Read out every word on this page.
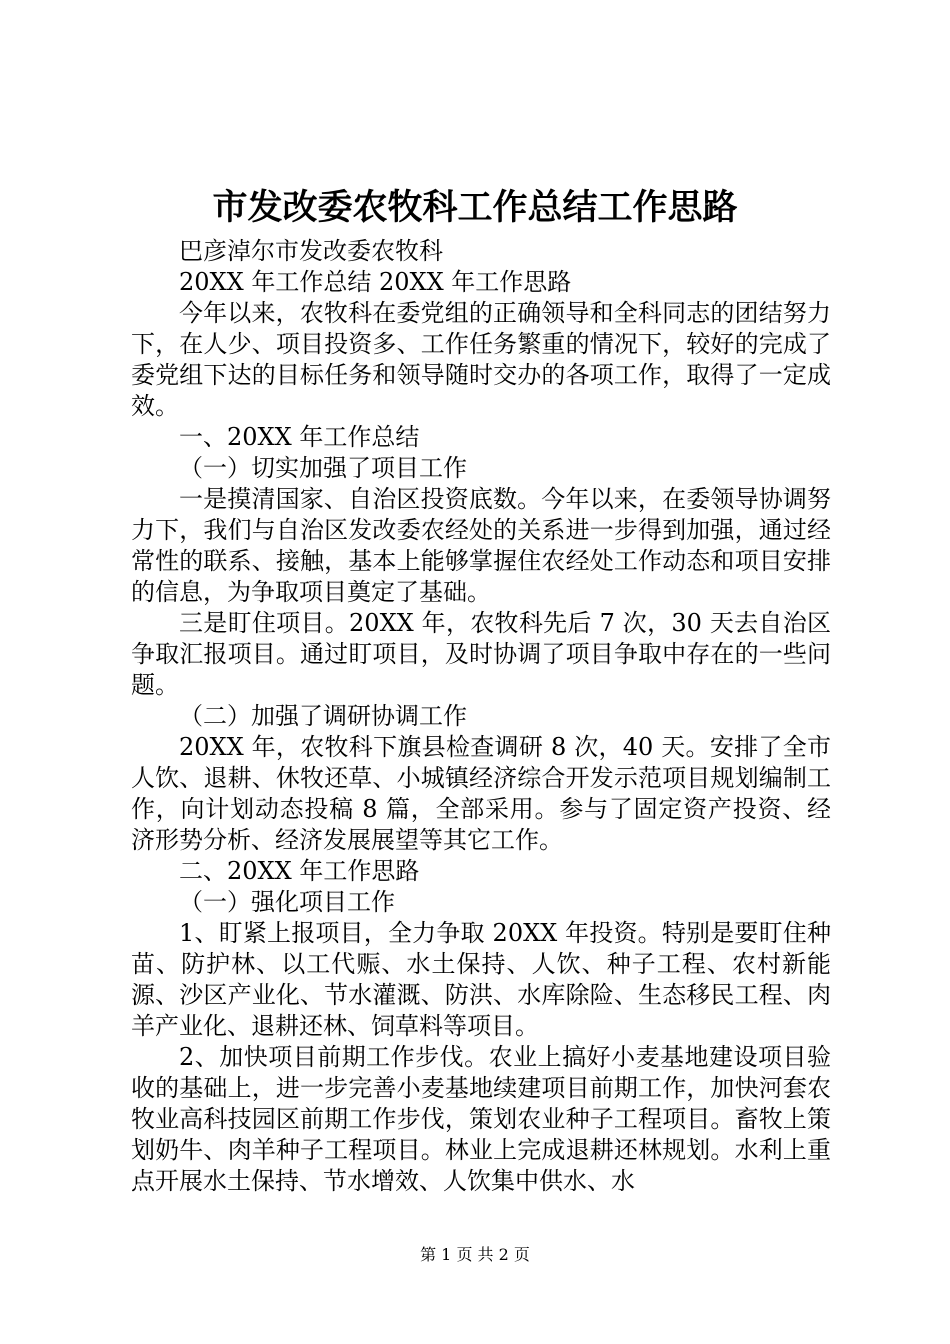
市发改委农牧科工作总结工作思路

巴彦淖尔市发改委农牧科

20XX 年工作总结 20XX 年工作思路

今年以来，农牧科在委党组的正确领导和全科同志的团结努力下，在人少、项目投资多、工作任务繁重的情况下，较好的完成了委党组下达的目标任务和领导随时交办的各项工作，取得了一定成效。

一、20XX 年工作总结

（一）切实加强了项目工作

一是摸清国家、自治区投资底数。今年以来，在委领导协调努力下，我们与自治区发改委农经处的关系进一步得到加强，通过经常性的联系、接触，基本上能够掌握住农经处工作动态和项目安排的信息，为争取项目奠定了基础。

三是盯住项目。20XX 年，农牧科先后 7 次，30 天去自治区争取汇报项目。通过盯项目，及时协调了项目争取中存在的一些问题。

（二）加强了调研协调工作

20XX 年，农牧科下旗县检查调研 8 次，40 天。安排了全市人饮、退耕、休牧还草、小城镇经济综合开发示范项目规划编制工作，向计划动态投稿 8 篇，全部采用。参与了固定资产投资、经济形势分析、经济发展展望等其它工作。

二、20XX 年工作思路

（一）强化项目工作

1、盯紧上报项目，全力争取 20XX 年投资。特别是要盯住种苗、防护林、以工代赈、水土保持、人饮、种子工程、农村新能源、沙区产业化、节水灌溉、防洪、水库除险、生态移民工程、肉羊产业化、退耕还林、饲草料等项目。

2、加快项目前期工作步伐。农业上搞好小麦基地建设项目验收的基础上，进一步完善小麦基地续建项目前期工作，加快河套农牧业高科技园区前期工作步伐，策划农业种子工程项目。畜牧上策划奶牛、肉羊种子工程项目。林业上完成退耕还林规划。水利上重点开展水土保持、节水增效、人饮集中供水、水

第 1 页 共 2 页
